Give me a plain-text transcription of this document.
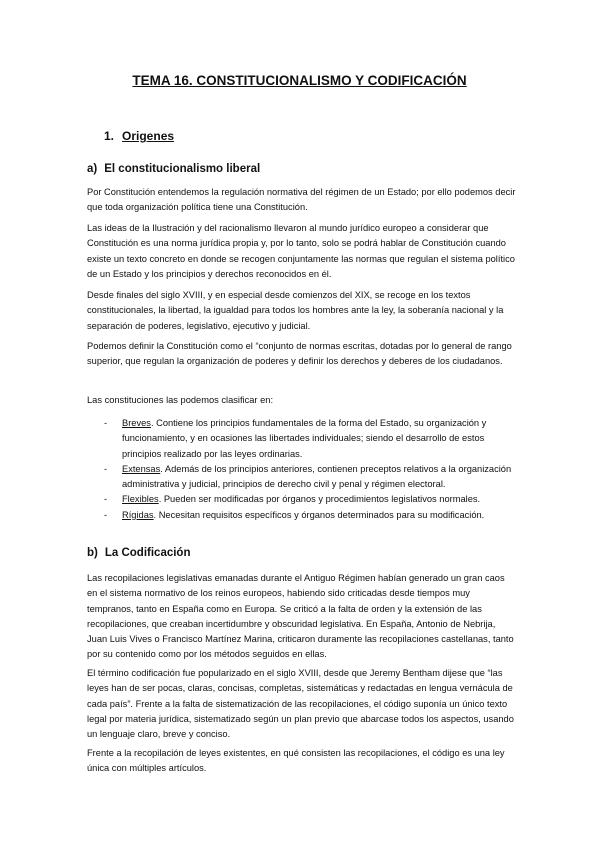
TEMA 16. CONSTITUCIONALISMO Y CODIFICACIÓN
1. Origenes
a) El constitucionalismo liberal
Por Constitución entendemos la regulación normativa del régimen de un Estado; por ello podemos decir que toda organización política tiene una Constitución.
Las ideas de la Ilustración y del racionalismo llevaron al mundo jurídico europeo a considerar que Constitución es una norma jurídica propia y, por lo tanto, solo se podrá hablar de Constitución cuando existe un texto concreto en donde se recogen conjuntamente las normas que regulan el sistema político de un Estado y los principios y derechos reconocidos en él.
Desde finales del siglo XVIII, y en especial desde comienzos del XIX, se recoge en los textos constitucionales, la libertad, la igualdad para todos los hombres ante la ley, la soberanía nacional y la separación de poderes, legislativo, ejecutivo y judicial.
Podemos definir la Constitución como el “conjunto de normas escritas, dotadas por lo general de rango superior, que regulan la organización de poderes y definir los derechos y deberes de los ciudadanos.
Las constituciones las podemos clasificar en:
- Breves. Contiene los principios fundamentales de la forma del Estado, su organización y funcionamiento, y en ocasiones las libertades individuales; siendo el desarrollo de estos principios realizado por las leyes ordinarias.
- Extensas. Además de los principios anteriores, contienen preceptos relativos a la organización administrativa y judicial, principios de derecho civil y penal y régimen electoral.
- Flexibles. Pueden ser modificadas por órganos y procedimientos legislativos normales.
- Rígidas. Necesitan requisitos específicos y órganos determinados para su modificación.
b) La Codificación
Las recopilaciones legislativas emanadas durante el Antiguo Régimen habían generado un gran caos en el sistema normativo de los reinos europeos, habiendo sido criticadas desde tiempos muy tempranos, tanto en España como en Europa. Se criticó a la falta de orden y la extensión de las recopilaciones, que creaban incertidumbre y obscuridad legislativa. En España, Antonio de Nebrija, Juan Luis Vives o Francisco Martínez Marina, criticaron duramente las recopilaciones castellanas, tanto por su contenido como por los métodos seguidos en ellas.
El término codificación fue popularizado en el siglo XVIII, desde que Jeremy Bentham dijese que “las leyes han de ser pocas, claras, concisas, completas, sistemáticas y redactadas en lengua vernácula de cada país”. Frente a la falta de sistematización de las recopilaciones, el código suponía un único texto legal por materia jurídica, sistematizado según un plan previo que abarcase todos los aspectos, usando un lenguaje claro, breve y conciso.
Frente a la recopilación de leyes existentes, en qué consisten las recopilaciones, el código es una ley única con múltiples artículos.
